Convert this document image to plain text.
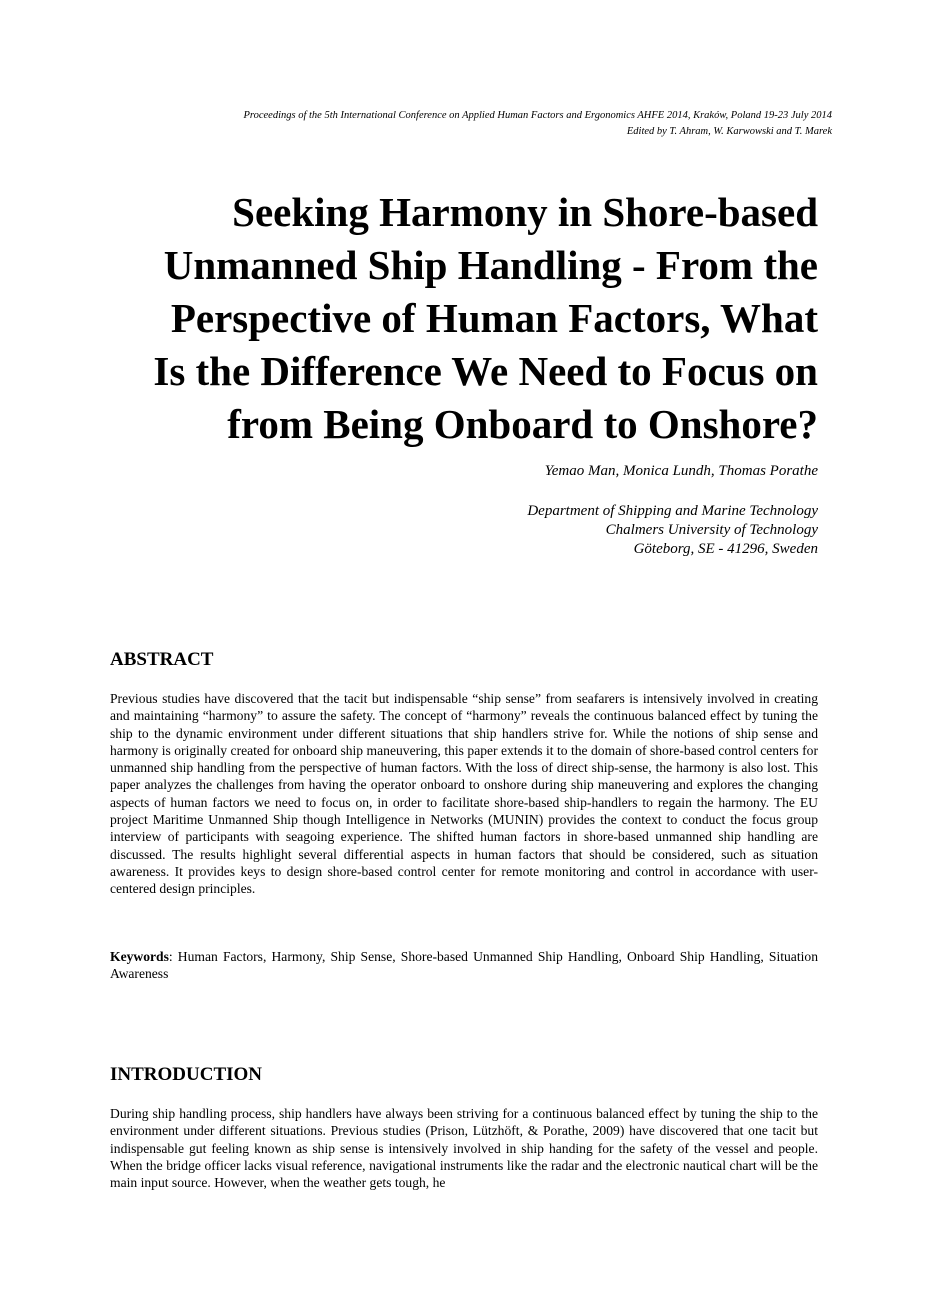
Proceedings of the 5th International Conference on Applied Human Factors and Ergonomics AHFE 2014, Kraków, Poland 19-23 July 2014
Edited by T. Ahram, W. Karwowski and T. Marek
Seeking Harmony in Shore-based
Unmanned Ship Handling - From the
Perspective of Human Factors, What
Is the Difference We Need to Focus on
from Being Onboard to Onshore?
Yemao Man, Monica Lundh, Thomas Porathe
Department of Shipping and Marine Technology
Chalmers University of Technology
Göteborg, SE - 41296, Sweden
ABSTRACT

Previous studies have discovered that the tacit but indispensable “ship sense” from seafarers is intensively involved in creating and maintaining “harmony” to assure the safety. The concept of “harmony” reveals the continuous balanced effect by tuning the ship to the dynamic environment under different situations that ship handlers strive for. While the notions of ship sense and harmony is originally created for onboard ship maneuvering, this paper extends it to the domain of shore-based control centers for unmanned ship handling from the perspective of human factors. With the loss of direct ship-sense, the harmony is also lost. This paper analyzes the challenges from having the operator onboard to onshore during ship maneuvering and explores the changing aspects of human factors we need to focus on, in order to facilitate shore-based ship-handlers to regain the harmony. The EU project Maritime Unmanned Ship though Intelligence in Networks (MUNIN) provides the context to conduct the focus group interview of participants with seagoing experience. The shifted human factors in shore-based unmanned ship handling are discussed. The results highlight several differential aspects in human factors that should be considered, such as situation awareness. It provides keys to design shore-based control center for remote monitoring and control in accordance with user-centered design principles.

Keywords: Human Factors, Harmony, Ship Sense, Shore-based Unmanned Ship Handling, Onboard Ship Handling, Situation Awareness

INTRODUCTION

During ship handling process, ship handlers have always been striving for a continuous balanced effect by tuning the ship to the environment under different situations. Previous studies (Prison, Lützhöft, & Porathe, 2009) have discovered that one tacit but indispensable gut feeling known as ship sense is intensively involved in ship handing for the safety of the vessel and people. When the bridge officer lacks visual reference, navigational instruments like the radar and the electronic nautical chart will be the main input source. However, when the weather gets tough, he
